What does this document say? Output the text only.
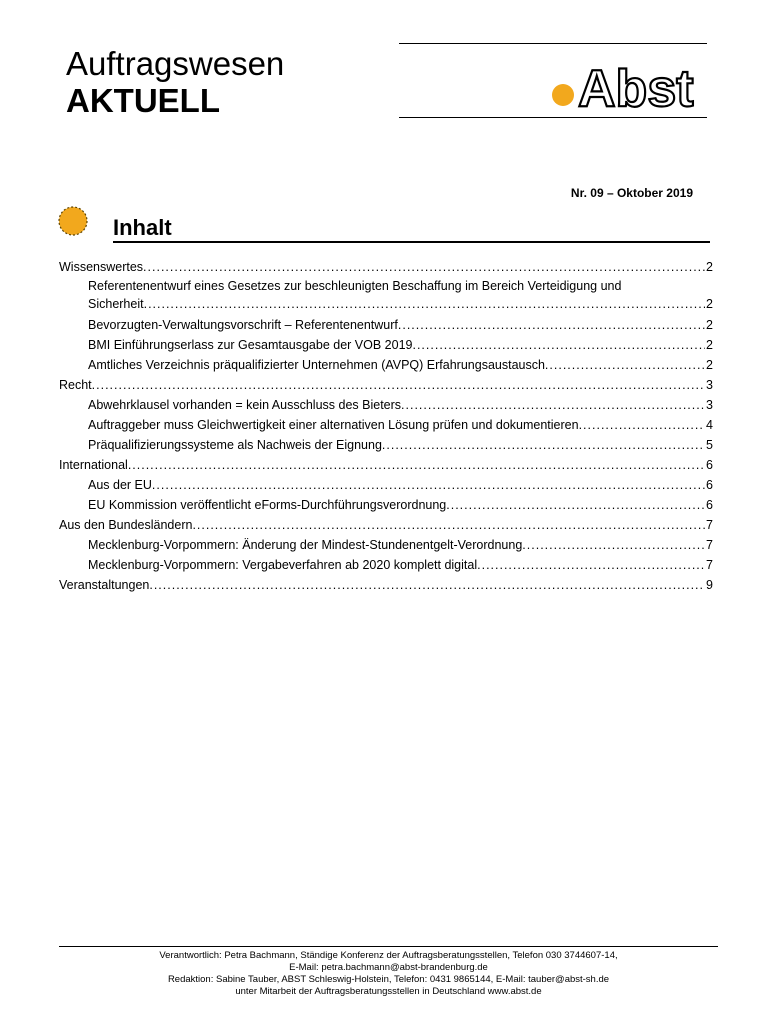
Auftragswesen
AKTUELL	Abst
Nr. 09 – Oktober 2019
Inhalt
Wissenswertes .....	2
Referentenentwurf eines Gesetzes zur beschleunigten Beschaffung im Bereich Verteidigung und
Sicherheit .....	2
Bevorzugten-Verwaltungsvorschrift – Referentenentwurf .....	2
BMI Einführungserlass zur Gesamtausgabe der VOB 2019 .....	2
Amtliches Verzeichnis präqualifizierter Unternehmen (AVPQ) Erfahrungsaustausch .....	2
Recht .....	3
Abwehrklausel vorhanden = kein Ausschluss des Bieters .....	3
Auftraggeber muss Gleichwertigkeit einer alternativen Lösung prüfen und dokumentieren .....	4
Präqualifizierungssysteme als Nachweis der Eignung .....	5
International .....	6
Aus der EU .....	6
EU Kommission veröffentlicht eForms-Durchführungsverordnung .....	6
Aus den Bundesländern .....	7
Mecklenburg-Vorpommern: Änderung der Mindest-Stundenentgelt-Verordnung .....	7
Mecklenburg-Vorpommern: Vergabeverfahren ab 2020 komplett digital .....	7
Veranstaltungen .....	9
Verantwortlich: Petra Bachmann, Ständige Konferenz der Auftragsberatungsstellen, Telefon 030 3744607-14,
E-Mail: petra.bachmann@abst-brandenburg.de
Redaktion: Sabine Tauber, ABST Schleswig-Holstein, Telefon: 0431 9865144, E-Mail: tauber@abst-sh.de
unter Mitarbeit der Auftragsberatungsstellen in Deutschland www.abst.de
